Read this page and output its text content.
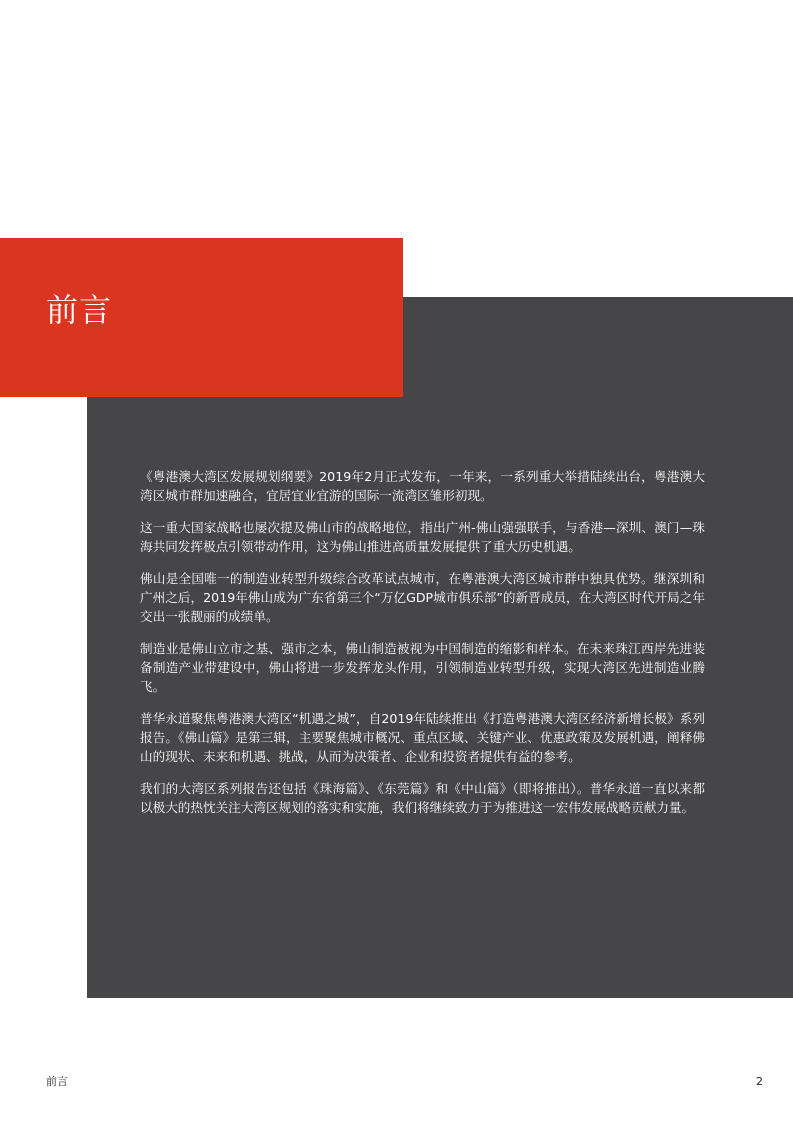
前言

《粤港澳大湾区发展规划纲要》2019年2月正式发布，一年来，一系列重大举措陆续出台，粤港澳大湾区城市群加速融合，宜居宜业宜游的国际一流湾区雏形初现。

这一重大国家战略也屡次提及佛山市的战略地位，指出广州-佛山强强联手，与香港—深圳、澳门—珠海共同发挥极点引领带动作用，这为佛山推进高质量发展提供了重大历史机遇。

佛山是全国唯一的制造业转型升级综合改革试点城市，在粤港澳大湾区城市群中独具优势。继深圳和广州之后，2019年佛山成为广东省第三个“万亿GDP城市俱乐部”的新晋成员，在大湾区时代开局之年交出一张靓丽的成绩单。

制造业是佛山立市之基、强市之本，佛山制造被视为中国制造的缩影和样本。在未来珠江西岸先进装备制造产业带建设中，佛山将进一步发挥龙头作用，引领制造业转型升级，实现大湾区先进制造业腾飞。

普华永道聚焦粤港澳大湾区“机遇之城”，自2019年陆续推出《打造粤港澳大湾区经济新增长极》系列报告。《佛山篇》是第三辑，主要聚焦城市概况、重点区域、关键产业、优惠政策及发展机遇，阐释佛山的现状、未来和机遇、挑战，从而为决策者、企业和投资者提供有益的参考。

我们的大湾区系列报告还包括《珠海篇》、《东莞篇》和《中山篇》（即将推出）。普华永道一直以来都以极大的热忱关注大湾区规划的落实和实施，我们将继续致力于为推进这一宏伟发展战略贡献力量。

前言	2
